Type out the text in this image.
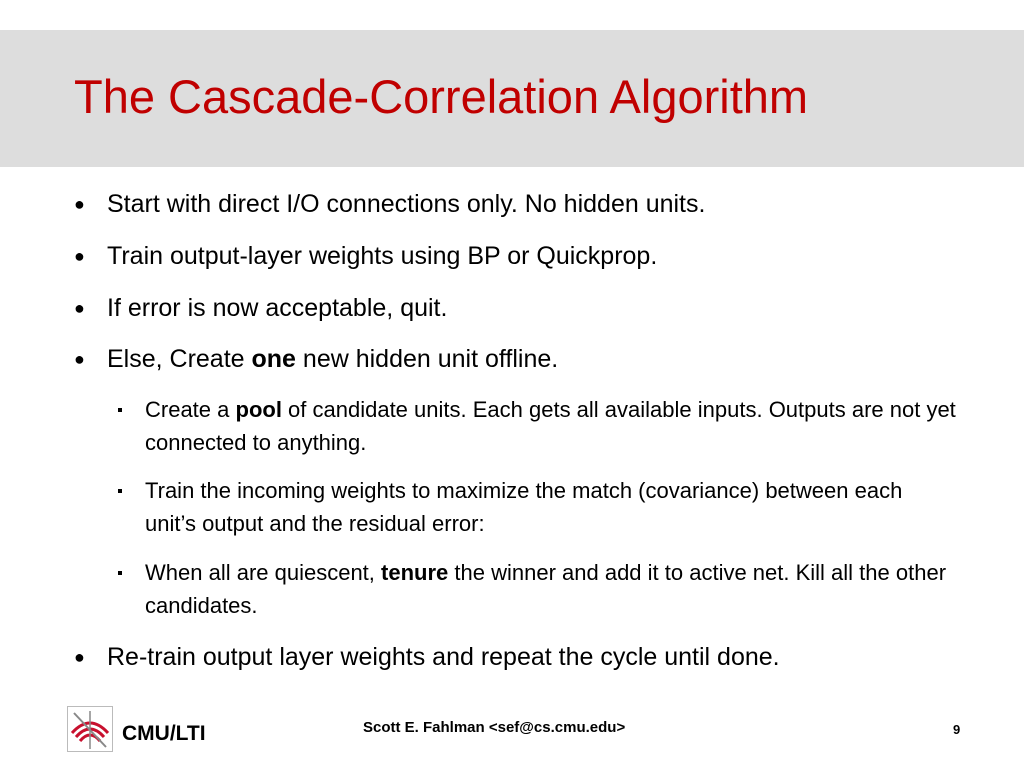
The Cascade-Correlation Algorithm
● Start with direct I/O connections only. No hidden units.
● Train output-layer weights using BP or Quickprop.
● If error is now acceptable, quit.
● Else, Create one new hidden unit offline.
Create a pool of candidate units. Each gets all available inputs. Outputs are not yet connected to anything.
Train the incoming weights to maximize the match (covariance) between each unit’s output and the residual error:
When all are quiescent, tenure the winner and add it to active net. Kill all the other candidates.
● Re-train output layer weights and repeat the cycle until done.
CMU/LTI	Scott E. Fahlman <sef@cs.cmu.edu>	9
